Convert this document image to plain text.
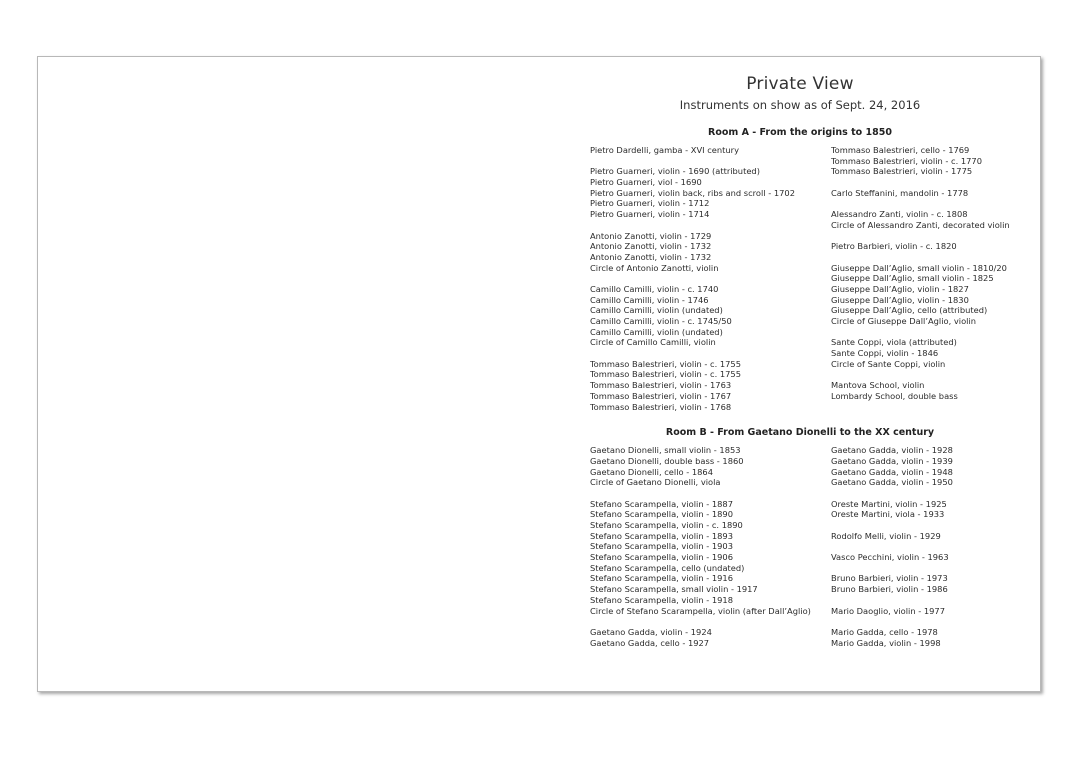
Private View
Instruments on show as of Sept. 24, 2016
Room A - From the origins to 1850
Pietro Dardelli, gamba - XVI century
Pietro Guarneri, violin - 1690 (attributed)
Pietro Guarneri, viol - 1690
Pietro Guarneri, violin back, ribs and scroll - 1702
Pietro Guarneri, violin - 1712
Pietro Guarneri, violin - 1714
Antonio Zanotti, violin - 1729
Antonio Zanotti, violin - 1732
Antonio Zanotti, violin - 1732
Circle of Antonio Zanotti, violin
Camillo Camilli, violin - c. 1740
Camillo Camilli, violin - 1746
Camillo Camilli, violin (undated)
Camillo Camilli, violin - c. 1745/50
Camillo Camilli, violin (undated)
Circle of Camillo Camilli, violin
Tommaso Balestrieri, violin - c. 1755
Tommaso Balestrieri, violin - c. 1755
Tommaso Balestrieri, violin - 1763
Tommaso Balestrieri, violin - 1767
Tommaso Balestrieri, violin - 1768
Tommaso Balestrieri, cello - 1769
Tommaso Balestrieri, violin - c. 1770
Tommaso Balestrieri, violin - 1775
Carlo Steffanini, mandolin - 1778
Alessandro Zanti, violin - c. 1808
Circle of Alessandro Zanti, decorated violin
Pietro Barbieri, violin - c. 1820
Giuseppe Dall’Aglio, small violin - 1810/20
Giuseppe Dall’Aglio, small violin - 1825
Giuseppe Dall’Aglio, violin - 1827
Giuseppe Dall’Aglio, violin - 1830
Giuseppe Dall’Aglio, cello (attributed)
Circle of Giuseppe Dall’Aglio, violin
Sante Coppi, viola (attributed)
Sante Coppi, violin - 1846
Circle of Sante Coppi, violin
Mantova School, violin
Lombardy School, double bass
Room B - From Gaetano Dionelli to the XX century
Gaetano Dionelli, small violin - 1853
Gaetano Dionelli, double bass - 1860
Gaetano Dionelli, cello - 1864
Circle of Gaetano Dionelli, viola
Stefano Scarampella, violin - 1887
Stefano Scarampella, violin - 1890
Stefano Scarampella, violin - c. 1890
Stefano Scarampella, violin - 1893
Stefano Scarampella, violin - 1903
Stefano Scarampella, violin - 1906
Stefano Scarampella, cello (undated)
Stefano Scarampella, violin - 1916
Stefano Scarampella, small violin - 1917
Stefano Scarampella, violin - 1918
Circle of Stefano Scarampella, violin (after Dall’Aglio)
Gaetano Gadda, violin - 1924
Gaetano Gadda, cello - 1927
Gaetano Gadda, violin - 1928
Gaetano Gadda, violin - 1939
Gaetano Gadda, violin - 1948
Gaetano Gadda, violin - 1950
Oreste Martini, violin - 1925
Oreste Martini, viola - 1933
Rodolfo Melli, violin - 1929
Vasco Pecchini, violin - 1963
Bruno Barbieri, violin - 1973
Bruno Barbieri, violin - 1986
Mario Daoglio, violin - 1977
Mario Gadda, cello - 1978
Mario Gadda, violin - 1998
